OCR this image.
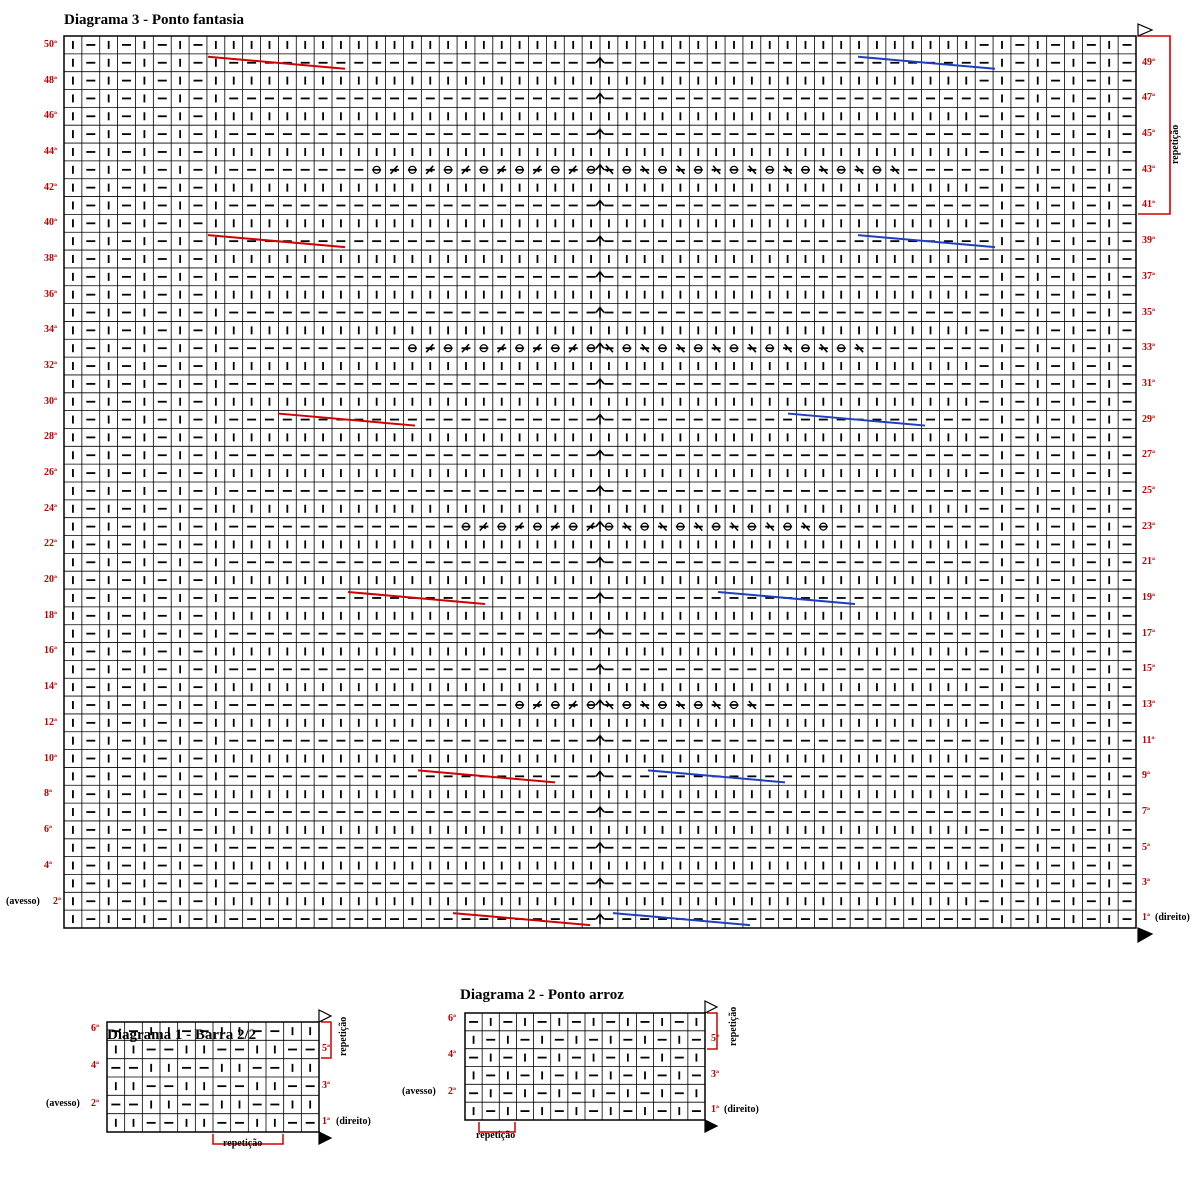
Diagrama 3 - Ponto fantasia
Diagrama 1 - Barra 2/2
Diagrama 2 - Ponto arroz
(avesso) 2ª
1ª (direito)
repetição
6ª
4ª
(avesso) 2ª
5ª
3ª
1ª (direito)
repetição
repetição
6ª
4ª
(avesso) 2ª
5ª
3ª
1ª (direito)
repetição
repetição
50ª
48ª
46ª
44ª
42ª
40ª
38ª
36ª
34ª
32ª
30ª
28ª
26ª
24ª
22ª
20ª
18ª
16ª
14ª
12ª
10ª
8ª
6ª
4ª
49ª
47ª
45ª
43ª
41ª
39ª
37ª
35ª
33ª
31ª
29ª
27ª
25ª
23ª
21ª
19ª
17ª
15ª
13ª
11ª
9ª
7ª
5ª
3ª
